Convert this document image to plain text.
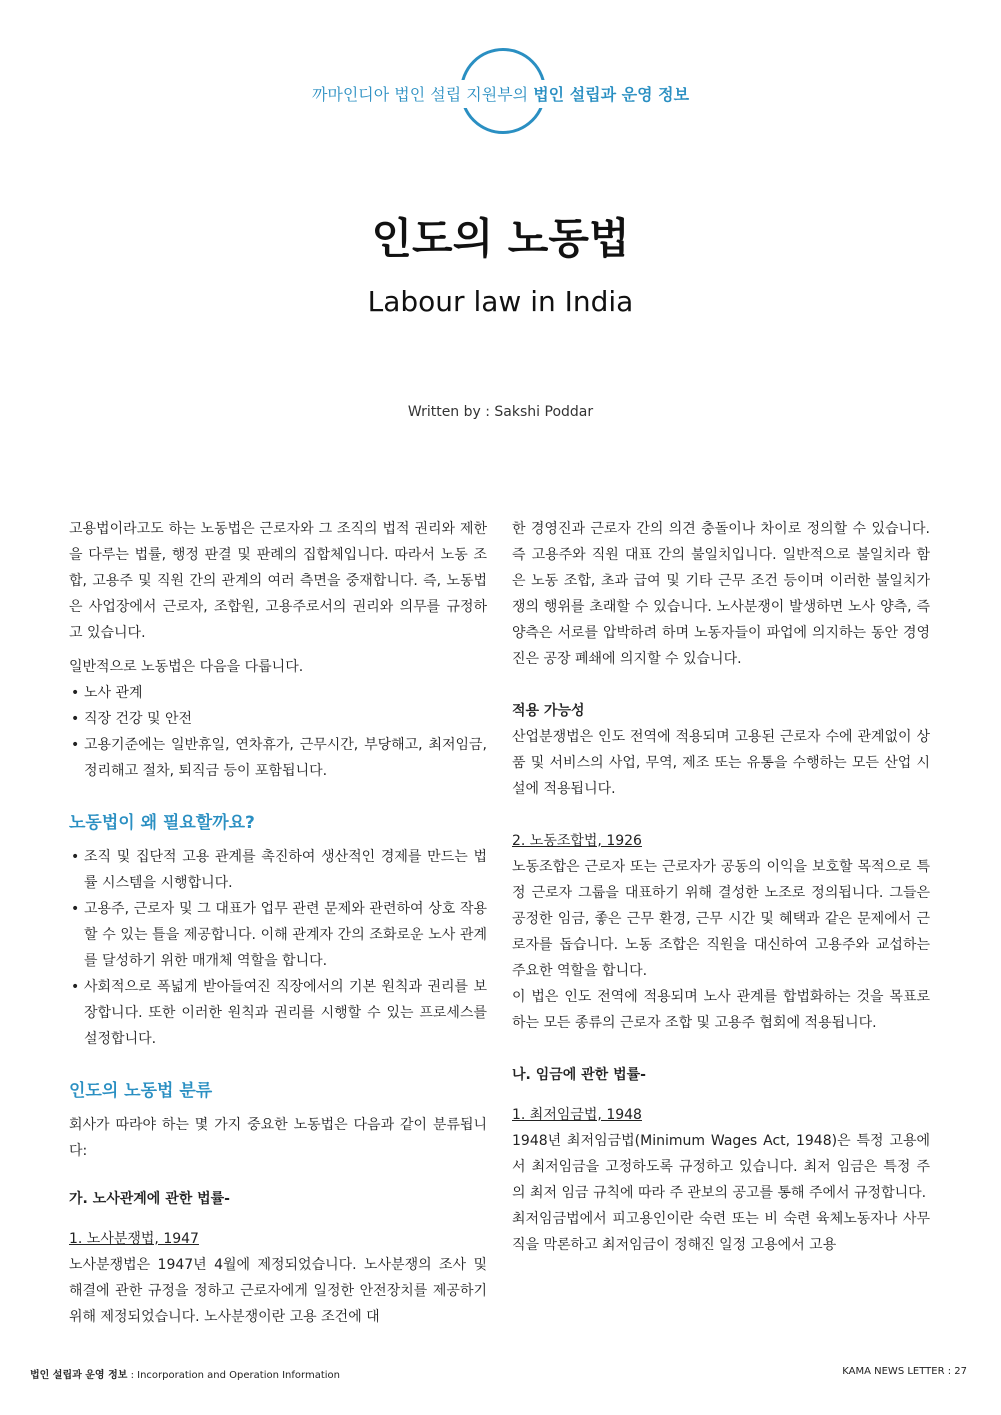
까마인디아 법인 설립 지원부의 법인 설립과 운영 정보
인도의 노동법
Labour law in India
Written by : Sakshi Poddar

고용법이라고도 하는 노동법은 근로자와 그 조직의 법적 권리와 제한을 다루는 법률, 행정 판결 및 판례의 집합체입니다. 따라서 노동 조합, 고용주 및 직원 간의 관계의 여러 측면을 중재합니다. 즉, 노동법은 사업장에서 근로자, 조합원, 고용주로서의 권리와 의무를 규정하고 있습니다.

일반적으로 노동법은 다음을 다룹니다.

• 노사 관계
• 직장 건강 및 안전
• 고용기준에는 일반휴일, 연차휴가, 근무시간, 부당해고, 최저임금, 정리해고 절차, 퇴직금 등이 포함됩니다.
노동법이 왜 필요할까요?
• 조직 및 집단적 고용 관계를 촉진하여 생산적인 경제를 만드는 법률 시스템을 시행합니다.
• 고용주, 근로자 및 그 대표가 업무 관련 문제와 관련하여 상호 작용할 수 있는 틀을 제공합니다. 이해 관계자 간의 조화로운 노사 관계를 달성하기 위한 매개체 역할을 합니다.
• 사회적으로 폭넓게 받아들여진 직장에서의 기본 원칙과 권리를 보장합니다. 또한 이러한 원칙과 권리를 시행할 수 있는 프로세스를 설정합니다.
인도의 노동법 분류

회사가 따라야 하는 몇 가지 중요한 노동법은 다음과 같이 분류됩니다:

가. 노사관계에 관한 법률-
1. 노사분쟁법, 1947
노사분쟁법은 1947년 4월에 제정되었습니다. 노사분쟁의 조사 및 해결에 관한 규정을 정하고 근로자에게 일정한 안전장치를 제공하기 위해 제정되었습니다. 노사분쟁이란 고용 조건에 대
한 경영진과 근로자 간의 의견 충돌이나 차이로 정의할 수 있습니다. 즉 고용주와 직원 대표 간의 불일치입니다. 일반적으로 불일치라 함은 노동 조합, 초과 급여 및 기타 근무 조건 등이며 이러한 불일치가 쟁의 행위를 초래할 수 있습니다. 노사분쟁이 발생하면 노사 양측, 즉 양측은 서로를 압박하려 하며 노동자들이 파업에 의지하는 동안 경영진은 공장 폐쇄에 의지할 수 있습니다.
적용 가능성
산업분쟁법은 인도 전역에 적용되며 고용된 근로자 수에 관계없이 상품 및 서비스의 사업, 무역, 제조 또는 유통을 수행하는 모든 산업 시설에 적용됩니다.
2. 노동조합법, 1926
노동조합은 근로자 또는 근로자가 공동의 이익을 보호할 목적으로 특정 근로자 그룹을 대표하기 위해 결성한 노조로 정의됩니다. 그들은 공정한 임금, 좋은 근무 환경, 근무 시간 및 혜택과 같은 문제에서 근로자를 돕습니다. 노동 조합은 직원을 대신하여 고용주와 교섭하는 주요한 역할을 합니다.
이 법은 인도 전역에 적용되며 노사 관계를 합법화하는 것을 목표로 하는 모든 종류의 근로자 조합 및 고용주 협회에 적용됩니다.
나. 임금에 관한 법률-
1. 최저임금법, 1948
1948년 최저임금법(Minimum Wages Act, 1948)은 특정 고용에서 최저임금을 고정하도록 규정하고 있습니다. 최저 임금은 특정 주의 최저 임금 규칙에 따라 주 관보의 공고를 통해 주에서 규정합니다.
최저임금법에서 피고용인이란 숙련 또는 비 숙련 육체노동자나 사무직을 막론하고 최저임금이 정해진 일정 고용에서 고용
법인 설립과 운영 정보 : Incorporation and Operation Information	KAMA NEWS LETTER : 27
